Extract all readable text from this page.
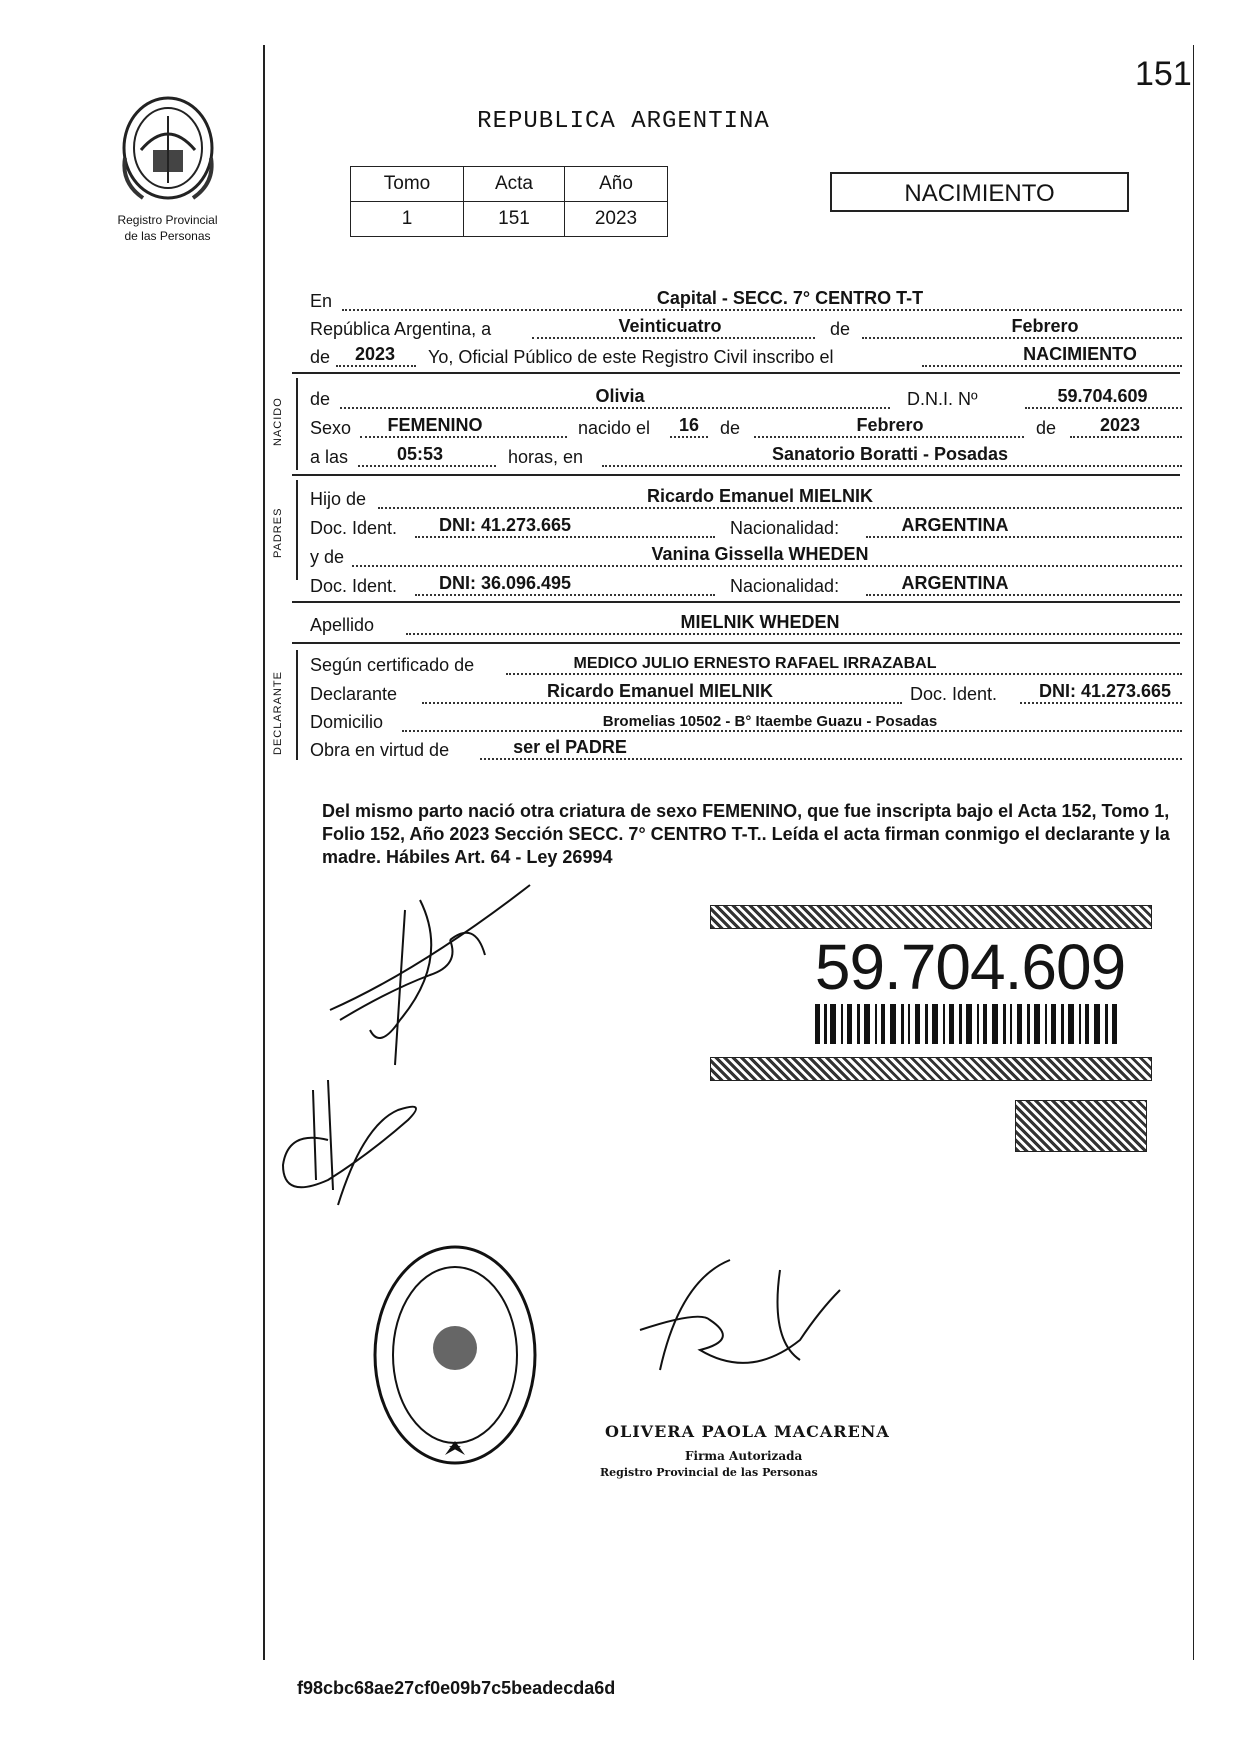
151
Registro Provincial
de las Personas
REPUBLICA ARGENTINA
Tomo	Acta	Año
1	151	2023
NACIMIENTO
En	Capital - SECC. 7° CENTRO T-T
República Argentina, a	Veinticuatro	de	Febrero
de	2023	Yo, Oficial Público de este Registro Civil inscribo el	NACIMIENTO
NACIDO de	Olivia	D.N.I. Nº	59.704.609
Sexo	FEMENINO	nacido el	16	de	Febrero	de	2023
a las	05:53	horas, en	Sanatorio Boratti - Posadas
PADRES
Hijo de	Ricardo Emanuel MIELNIK
Doc. Ident.	DNI: 41.273.665	Nacionalidad:	ARGENTINA
y de	Vanina Gissella WHEDEN
Doc. Ident.	DNI: 36.096.495	Nacionalidad:	ARGENTINA
Apellido	MIELNIK WHEDEN
DECLARANTE
Según certificado de	MEDICO JULIO ERNESTO RAFAEL IRRAZABAL
Declarante	Ricardo Emanuel MIELNIK	Doc. Ident.	DNI: 41.273.665
Domicilio	Bromelias 10502 - B° Itaembe Guazu - Posadas
Obra en virtud de	ser el PADRE
Del mismo parto nació otra criatura de sexo FEMENINO, que fue inscripta bajo el Acta 152, Tomo 1, Folio 152, Año 2023 Sección SECC. 7° CENTRO T-T.. Leída el acta firman conmigo el declarante y la madre. Hábiles Art. 64 - Ley 26994
59.704.609
OLIVERA PAOLA MACARENA
Firma Autorizada
Registro Provincial de las Personas
f98cbc68ae27cf0e09b7c5beadecda6d
